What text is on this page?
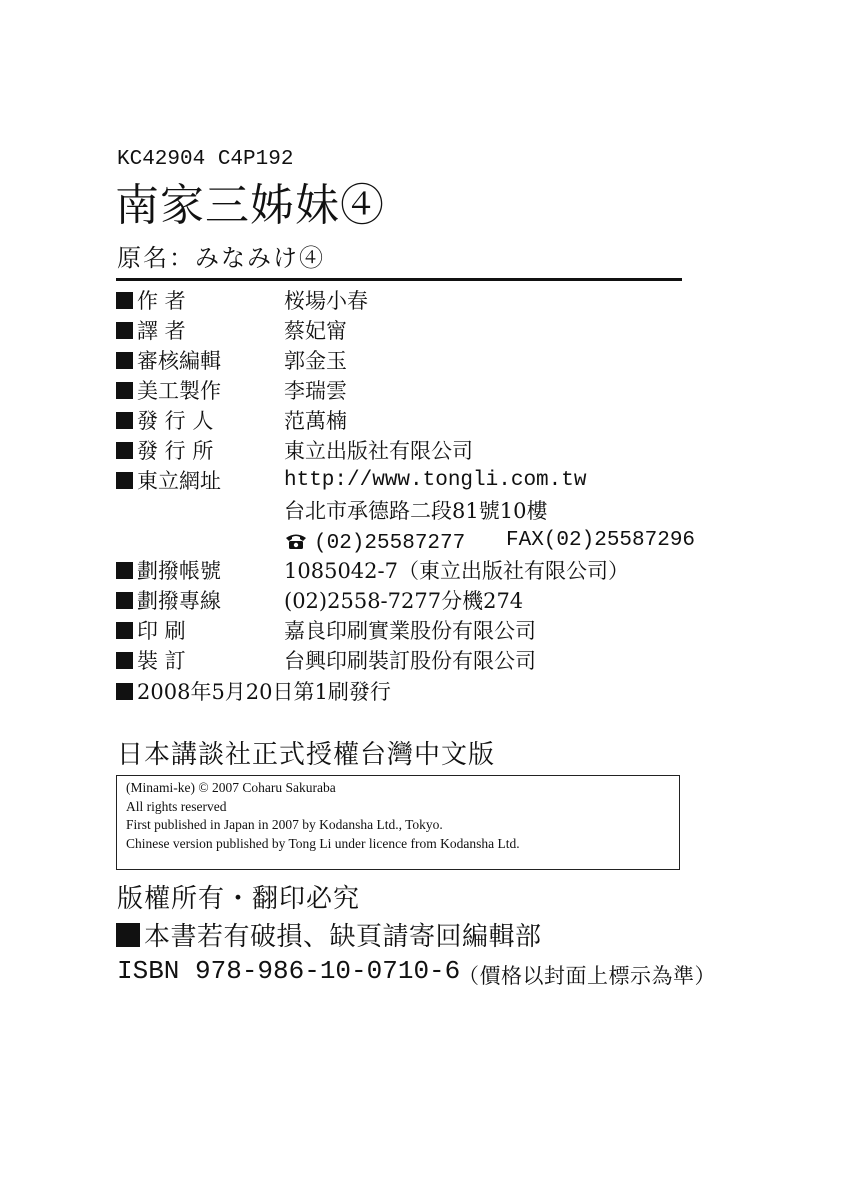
KC42904 C4P192
南家三姊妹④
原名：みなみけ④
作 者	桜場小春
譯 者	蔡妃甯
審核編輯	郭金玉
美工製作	李瑞雲
發 行 人	范萬楠
發 行 所	東立出版社有限公司
東立網址	http://www.tongli.com.tw
台北市承德路二段81號10樓
(02)25587277 FAX(02)25587296
劃撥帳號	1085042-7（東立出版社有限公司）
劃撥專線	(02)2558-7277分機274
印 刷	嘉良印刷實業股份有限公司
裝 訂	台興印刷裝訂股份有限公司
2008年5月20日第1刷發行
日本講談社正式授權台灣中文版
(Minami-ke) © 2007 Coharu Sakuraba
All rights reserved
First published in Japan in 2007 by Kodansha Ltd., Tokyo.
Chinese version published by Tong Li under licence from Kodansha Ltd.
版權所有・翻印必究
本書若有破損、缺頁請寄回編輯部
ISBN 978-986-10-0710-6
（價格以封面上標示為準）
